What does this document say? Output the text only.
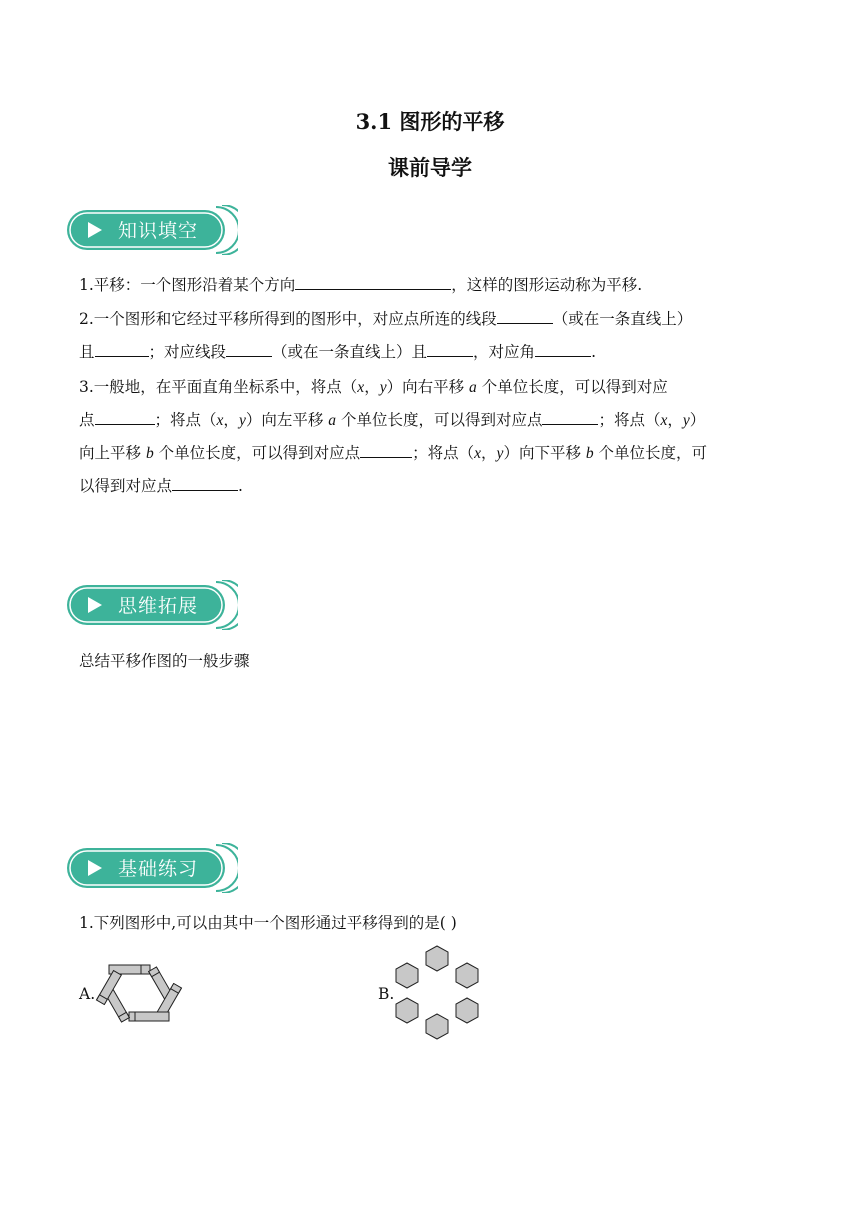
3.1 图形的平移
课前导学
知识填空
1.平移：一个图形沿着某个方向	，这样的图形运动称为平移.
2.一个图形和它经过平移所得到的图形中，对应点所连的线段	（或在一条直线上）
且	；对应线段	（或在一条直线上）且	，对应角	.
3.一般地，在平面直角坐标系中，将点（x，y）向右平移 a 个单位长度，可以得到对应
点	；将点（x，y）向左平移 a 个单位长度，可以得到对应点	；将点（x，y）
向上平移 b 个单位长度，可以得到对应点	；将点（x，y）向下平移 b 个单位长度，可
以得到对应点	.
思维拓展
总结平移作图的一般步骤
基础练习
1.下列图形中,可以由其中一个图形通过平移得到的是( )
A.	B.
